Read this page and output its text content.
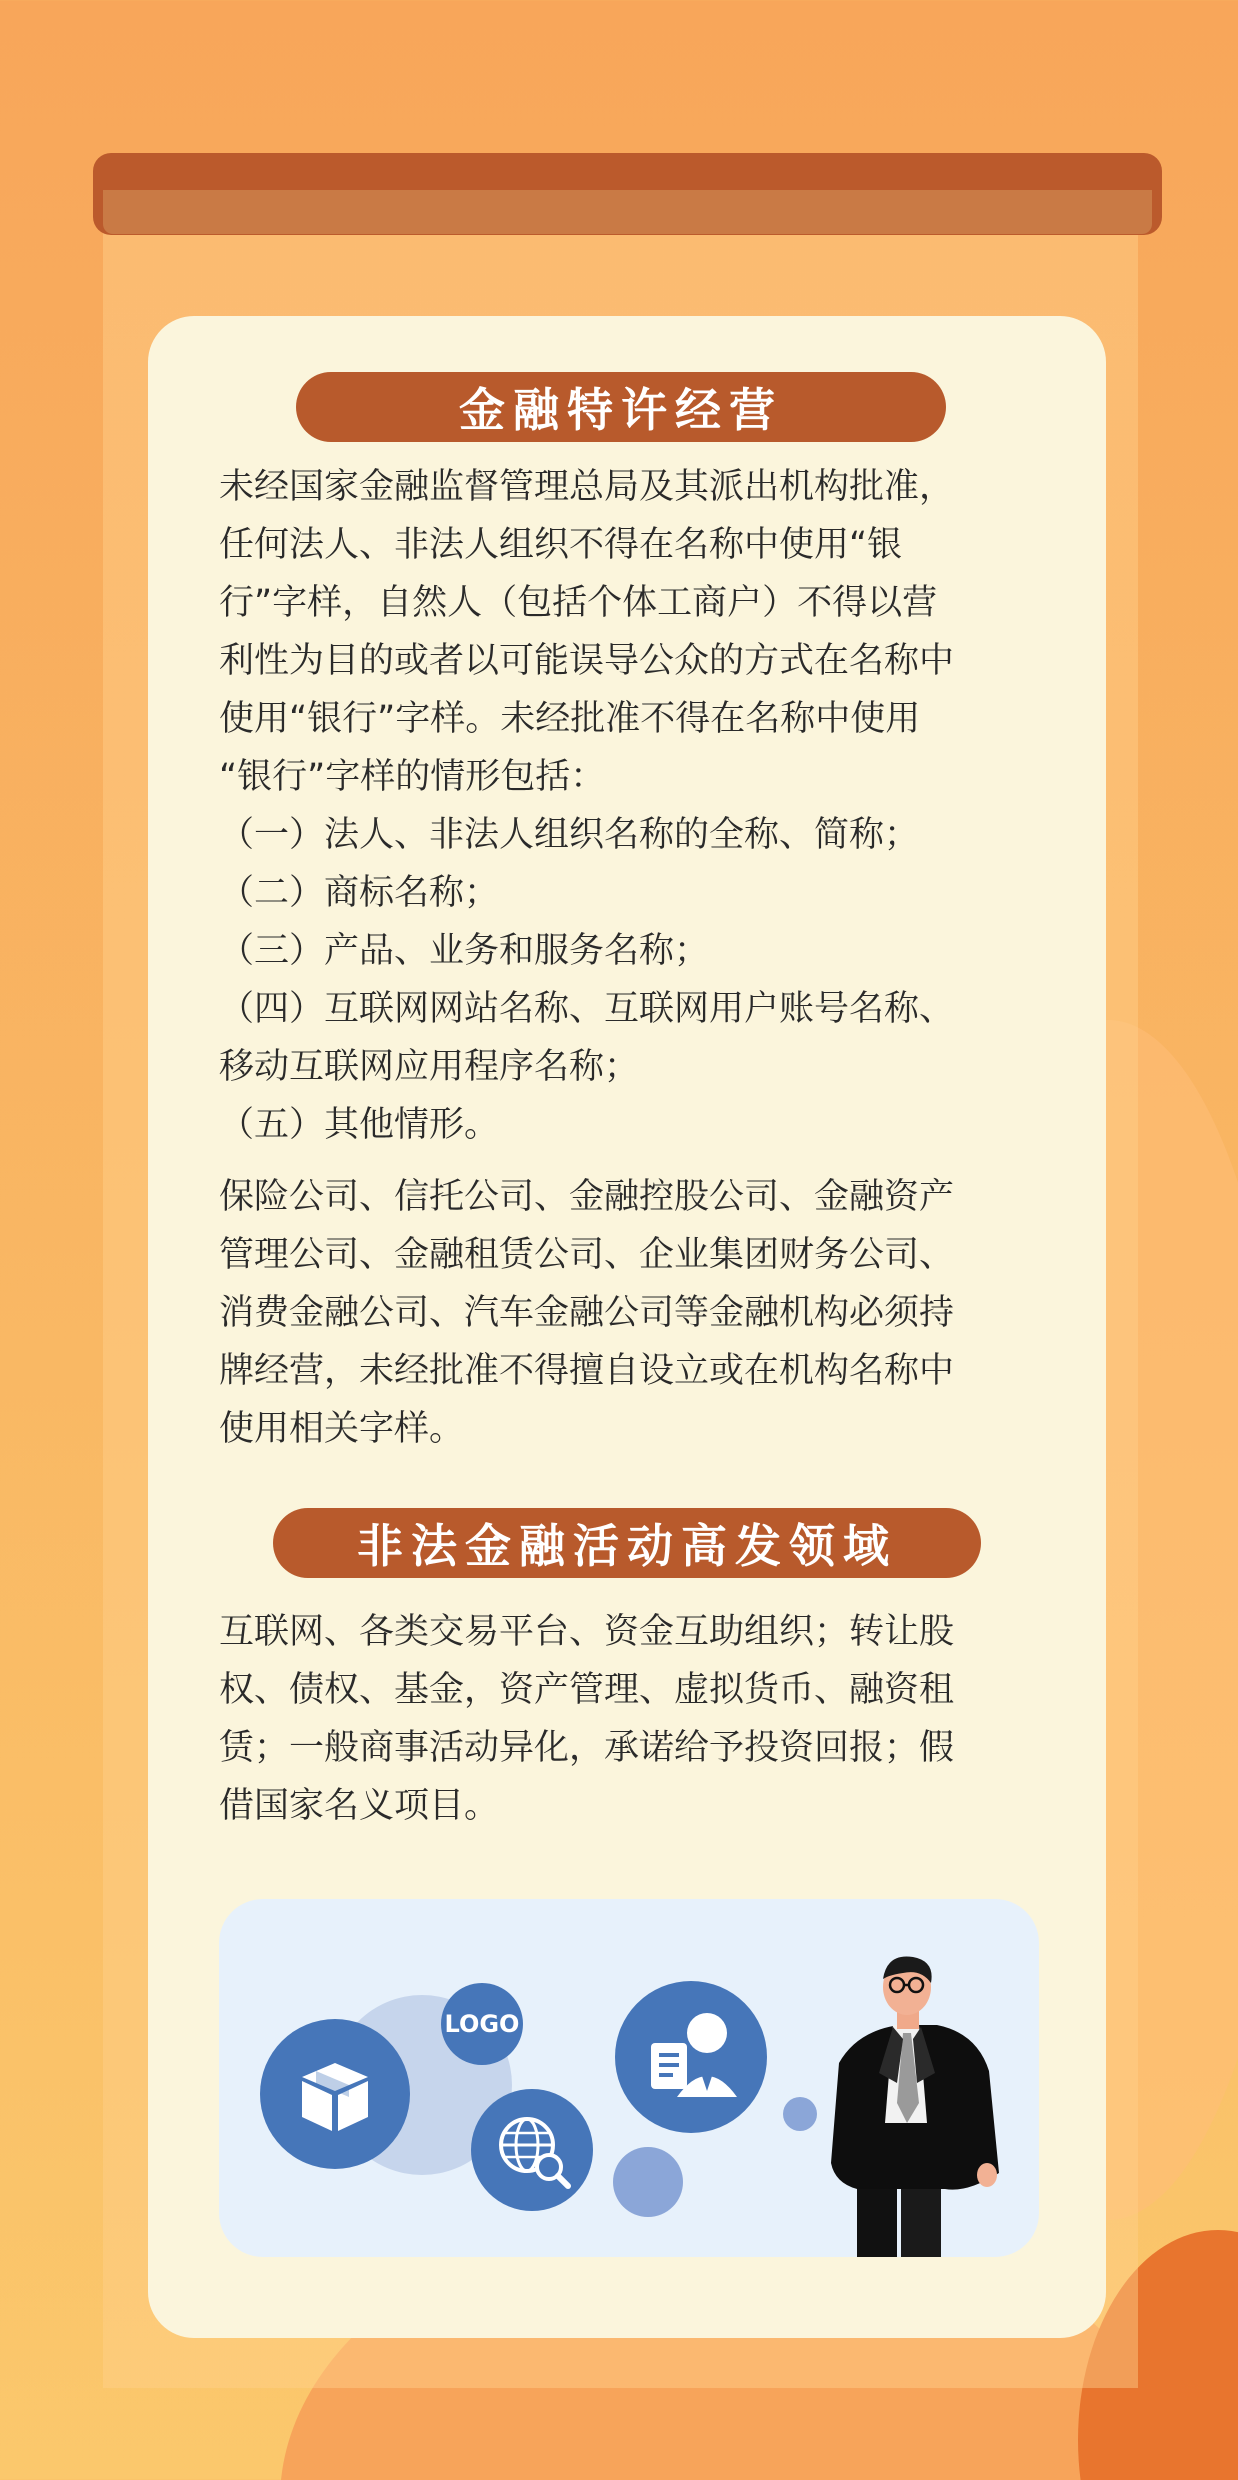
金融特许经营
未经国家金融监督管理总局及其派出机构批准，
任何法人、非法人组织不得在名称中使用“银
行”字样，自然人（包括个体工商户）不得以营
利性为目的或者以可能误导公众的方式在名称中
使用“银行”字样。未经批准不得在名称中使用
“银行”字样的情形包括：
（一）法人、非法人组织名称的全称、简称；
（二）商标名称；
（三）产品、业务和服务名称；
（四）互联网网站名称、互联网用户账号名称、
移动互联网应用程序名称；
（五）其他情形。
保险公司、信托公司、金融控股公司、金融资产
管理公司、金融租赁公司、企业集团财务公司、
消费金融公司、汽车金融公司等金融机构必须持
牌经营，未经批准不得擅自设立或在机构名称中
使用相关字样。
非法金融活动高发领域
互联网、各类交易平台、资金互助组织；转让股
权、债权、基金，资产管理、虚拟货币、融资租
赁；一般商事活动异化，承诺给予投资回报；假
借国家名义项目。
LOGO
